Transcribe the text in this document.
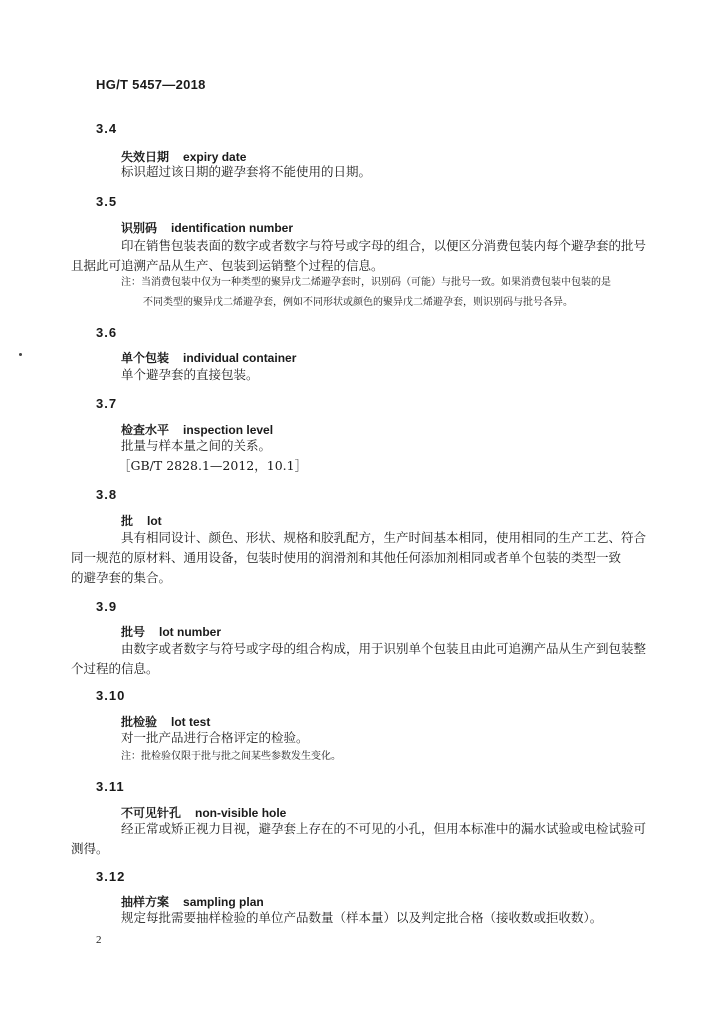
HG/T 5457—2018
3.4
失效日期 expiry date

标识超过该日期的避孕套将不能使用的日期。

3.5
识别码 identification number

印在销售包装表面的数字或者数字与符号或字母的组合，以便区分消费包装内每个避孕套的批号
且据此可追溯产品从生产、包装到运销整个过程的信息。

注：当消费包装中仅为一种类型的聚异戊二烯避孕套时，识别码（可能）与批号一致。如果消费包装中包装的是
不同类型的聚异戊二烯避孕套，例如不同形状或颜色的聚异戊二烯避孕套，则识别码与批号各异。

3.6
单个包装 individual container

单个避孕套的直接包装。

3.7
检查水平 inspection level

批量与样本量之间的关系。

［GB/T 2828.1—2012，10.1］
3.8
批 lot

具有相同设计、颜色、形状、规格和胶乳配方，生产时间基本相同，使用相同的生产工艺、符合
同一规范的原材料、通用设备，包装时使用的润滑剂和其他任何添加剂相同或者单个包装的类型一致
的避孕套的集合。

3.9
批号 lot number

由数字或者数字与符号或字母的组合构成，用于识别单个包装且由此可追溯产品从生产到包装整
个过程的信息。

3.10
批检验 lot test

对一批产品进行合格评定的检验。

注：批检验仅限于批与批之间某些参数发生变化。

3.11
不可见针孔 non-visible hole

经正常或矫正视力目视，避孕套上存在的不可见的小孔，但用本标准中的漏水试验或电检试验可
测得。

3.12
抽样方案 sampling plan

规定每批需要抽样检验的单位产品数量（样本量）以及判定批合格（接收数或拒收数）。

2
